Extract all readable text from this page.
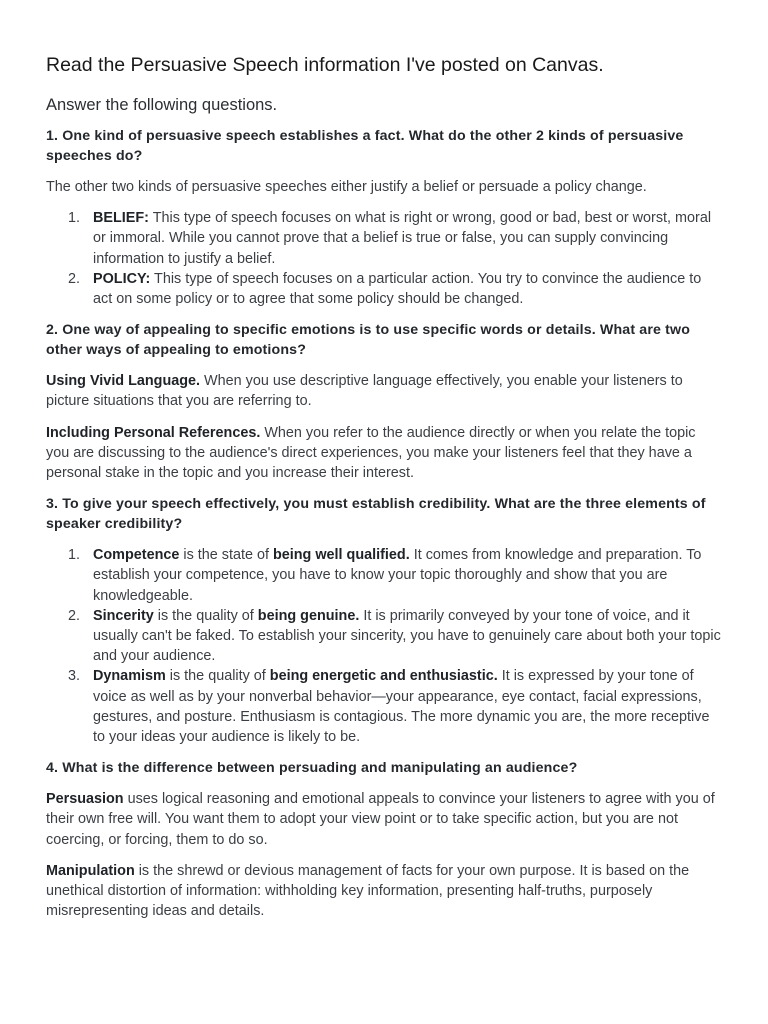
Read the Persuasive Speech information I've posted on Canvas.
Answer the following questions.
1. One kind of persuasive speech establishes a fact. What do the other 2 kinds of persuasive speeches do?
The other two kinds of persuasive speeches either justify a belief or persuade a policy change.
1. BELIEF: This type of speech focuses on what is right or wrong, good or bad, best or worst, moral or immoral. While you cannot prove that a belief is true or false, you can supply convincing information to justify a belief.
2. POLICY: This type of speech focuses on a particular action. You try to convince the audience to act on some policy or to agree that some policy should be changed.
2. One way of appealing to specific emotions is to use specific words or details. What are two other ways of appealing to emotions?
Using Vivid Language. When you use descriptive language effectively, you enable your listeners to picture situations that you are referring to.
Including Personal References. When you refer to the audience directly or when you relate the topic you are discussing to the audience's direct experiences, you make your listeners feel that they have a personal stake in the topic and you increase their interest.
3. To give your speech effectively, you must establish credibility. What are the three elements of speaker credibility?
1. Competence is the state of being well qualified. It comes from knowledge and preparation. To establish your competence, you have to know your topic thoroughly and show that you are knowledgeable.
2. Sincerity is the quality of being genuine. It is primarily conveyed by your tone of voice, and it usually can't be faked. To establish your sincerity, you have to genuinely care about both your topic and your audience.
3. Dynamism is the quality of being energetic and enthusiastic. It is expressed by your tone of voice as well as by your nonverbal behavior—your appearance, eye contact, facial expressions, gestures, and posture. Enthusiasm is contagious. The more dynamic you are, the more receptive to your ideas your audience is likely to be.
4. What is the difference between persuading and manipulating an audience?
Persuasion uses logical reasoning and emotional appeals to convince your listeners to agree with you of their own free will. You want them to adopt your view point or to take specific action, but you are not coercing, or forcing, them to do so.
Manipulation is the shrewd or devious management of facts for your own purpose. It is based on the unethical distortion of information: withholding key information, presenting half-truths, purposely misrepresenting ideas and details.
